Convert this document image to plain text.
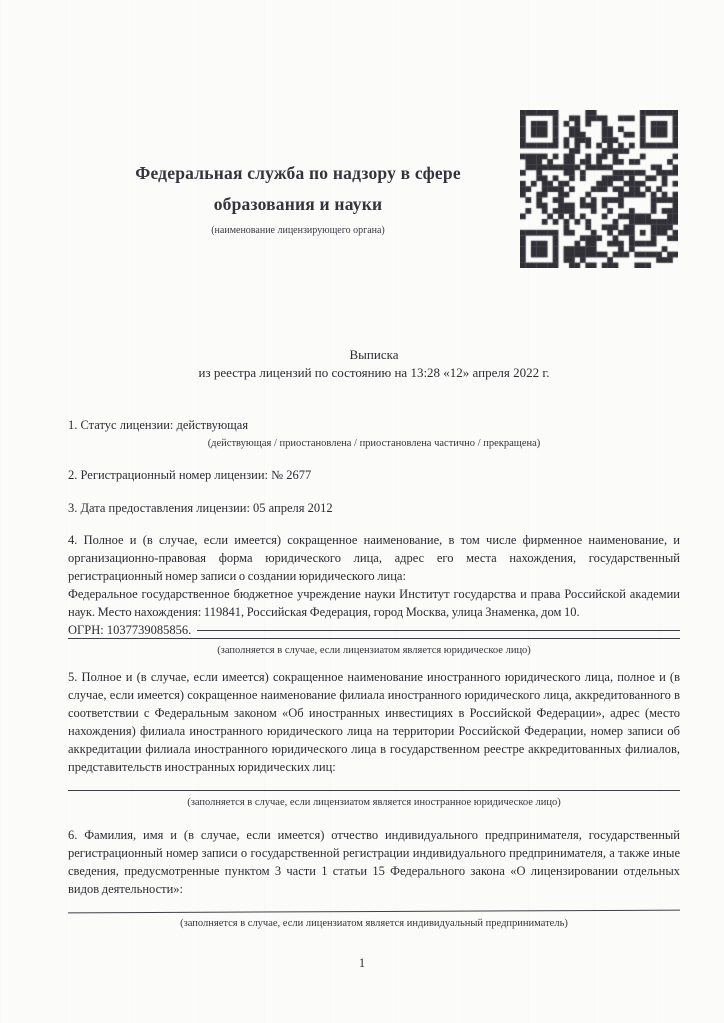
Федеральная служба по надзору в сфере
образования и науки
(наименование лицензирующего органа)
Выписка
из реестра лицензий по состоянию на 13:28 «12» апреля 2022 г.
1. Статус лицензии: действующая
(действующая / приостановлена / приостановлена частично / прекращена)
2. Регистрационный номер лицензии: № 2677
3. Дата предоставления лицензии: 05 апреля 2012

4. Полное и (в случае, если имеется) сокращенное наименование, в том числе фирменное наименование, и организационно-правовая форма юридического лица, адрес его места нахождения, государственный регистрационный номер записи о создании юридического лица:

Федеральное государственное бюджетное учреждение науки Институт государства и права Российской академии наук. Место нахождения: 119841, Российская Федерация, город Москва, улица Знаменка, дом 10.

ОГРН: 1037739085856.
(заполняется в случае, если лицензиатом является юридическое лицо)

5. Полное и (в случае, если имеется) сокращенное наименование иностранного юридического лица, полное и (в случае, если имеется) сокращенное наименование филиала иностранного юридического лица, аккредитованного в соответствии с Федеральным законом «Об иностранных инвестициях в Российской Федерации», адрес (место нахождения) филиала иностранного юридического лица на территории Российской Федерации, номер записи об аккредитации филиала иностранного юридического лица в государственном реестре аккредитованных филиалов, представительств иностранных юридических лиц:

(заполняется в случае, если лицензиатом является иностранное юридическое лицо)

6. Фамилия, имя и (в случае, если имеется) отчество индивидуального предпринимателя, государственный регистрационный номер записи о государственной регистрации индивидуального предпринимателя, а также иные сведения, предусмотренные пунктом 3 части 1 статьи 15 Федерального закона «О лицензировании отдельных видов деятельности»:

(заполняется в случае, если лицензиатом является индивидуальный предприниматель)
1
